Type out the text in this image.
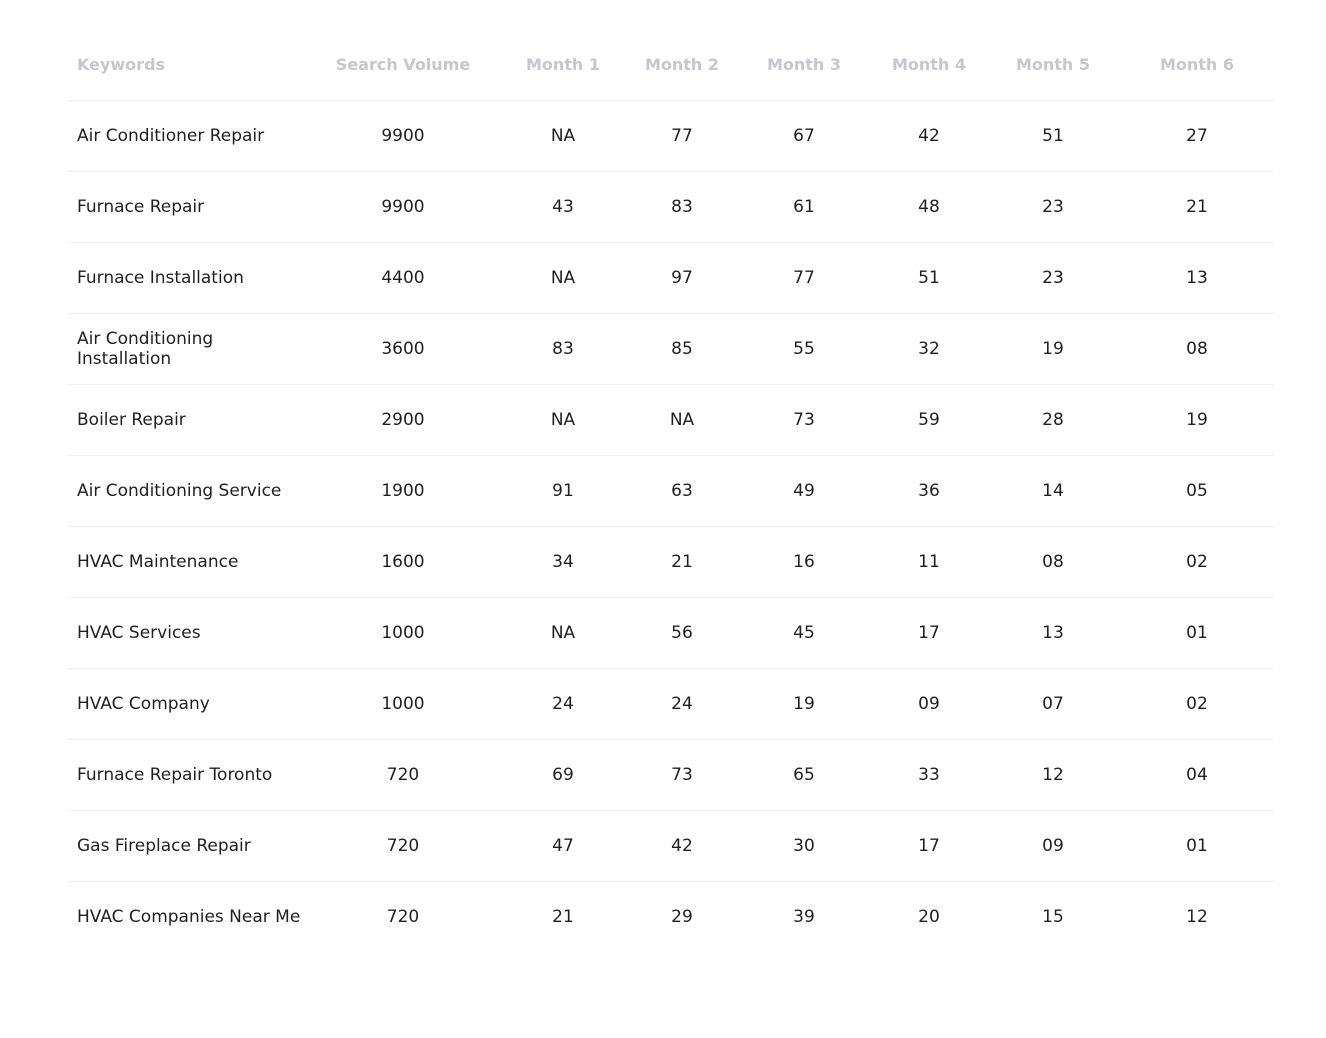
Keywords	Search Volume	Month 1	Month 2	Month 3	Month 4	Month 5	Month 6
Air Conditioner Repair	9900	NA	77	67	42	51	27
Furnace Repair	9900	43	83	61	48	23	21
Furnace Installation	4400	NA	97	77	51	23	13
Air Conditioning Installation	3600	83	85	55	32	19	08
Boiler Repair	2900	NA	NA	73	59	28	19
Air Conditioning Service	1900	91	63	49	36	14	05
HVAC Maintenance	1600	34	21	16	11	08	02
HVAC Services	1000	NA	56	45	17	13	01
HVAC Company	1000	24	24	19	09	07	02
Furnace Repair Toronto	720	69	73	65	33	12	04
Gas Fireplace Repair	720	47	42	30	17	09	01
HVAC Companies Near Me	720	21	29	39	20	15	12
